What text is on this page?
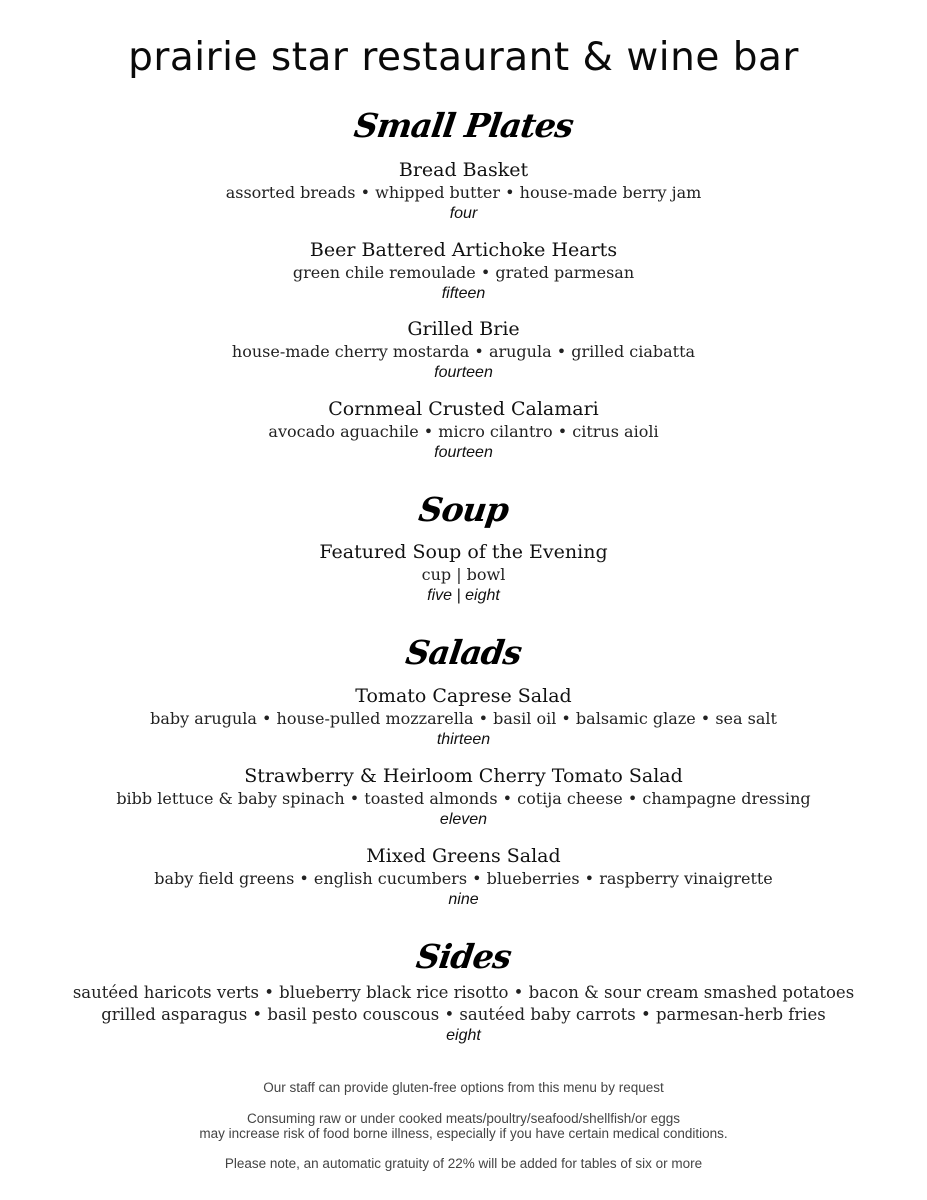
prairie star restaurant & wine bar
Small Plates
Bread Basket
assorted breads • whipped butter • house-made berry jam
four
Beer Battered Artichoke Hearts
green chile remoulade • grated parmesan
fifteen
Grilled Brie
house-made cherry mostarda • arugula • grilled ciabatta
fourteen
Cornmeal Crusted Calamari
avocado aguachile • micro cilantro • citrus aioli
fourteen
Soup
Featured Soup of the Evening
cup | bowl
five | eight
Salads
Tomato Caprese Salad
baby arugula • house-pulled mozzarella • basil oil • balsamic glaze • sea salt
thirteen
Strawberry & Heirloom Cherry Tomato Salad
bibb lettuce & baby spinach • toasted almonds • cotija cheese • champagne dressing
eleven
Mixed Greens Salad
baby field greens • english cucumbers • blueberries • raspberry vinaigrette
nine
Sides
sautéed haricots verts • blueberry black rice risotto • bacon & sour cream smashed potatoes
grilled asparagus • basil pesto couscous • sautéed baby carrots • parmesan-herb fries
eight
Our staff can provide gluten-free options from this menu by request
Consuming raw or under cooked meats/poultry/seafood/shellfish/or eggs
may increase risk of food borne illness, especially if you have certain medical conditions.
Please note, an automatic gratuity of 22% will be added for tables of six or more
